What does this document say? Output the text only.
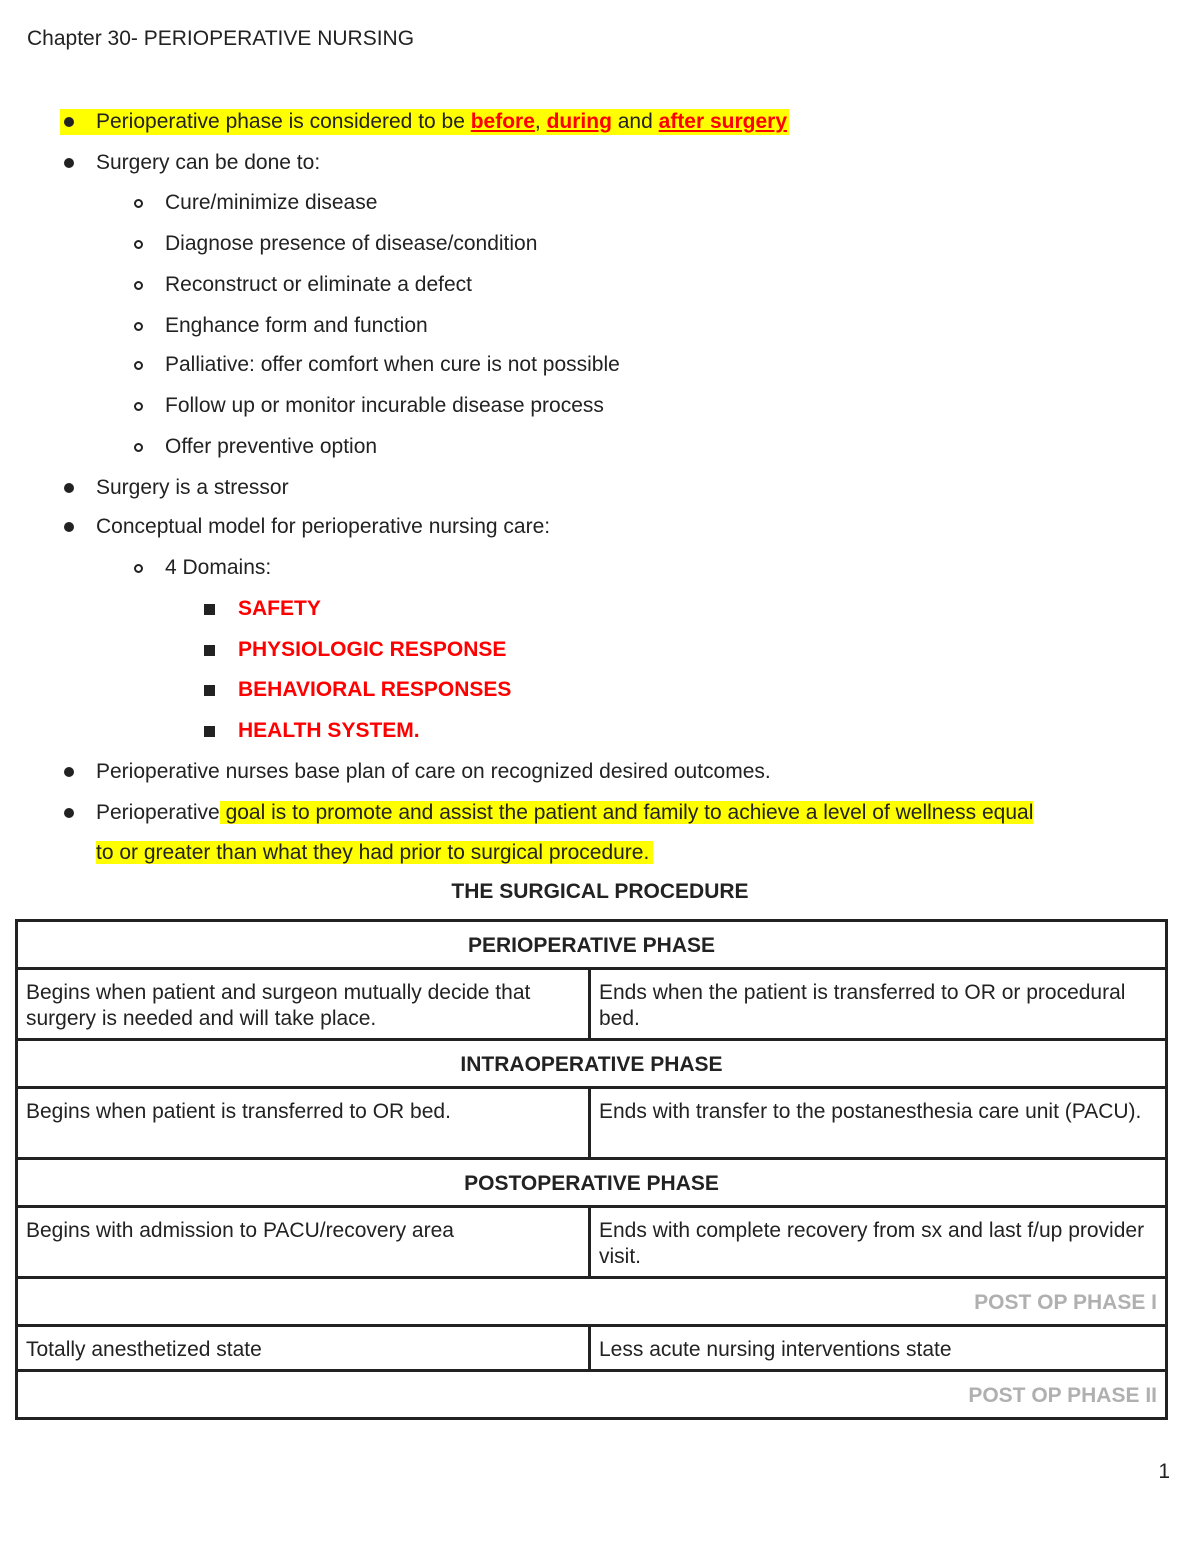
Chapter 30- PERIOPERATIVE NURSING
Perioperative phase is considered to be before, during and after surgery
Surgery can be done to:
Cure/minimize disease
Diagnose presence of disease/condition
Reconstruct or eliminate a defect
Enghance form and function
Palliative: offer comfort when cure is not possible
Follow up or monitor incurable disease process
Offer preventive option
Surgery is a stressor
Conceptual model for perioperative nursing care:
4 Domains:
SAFETY
PHYSIOLOGIC RESPONSE
BEHAVIORAL RESPONSES
HEALTH SYSTEM.
Perioperative nurses base plan of care on recognized desired outcomes.
Perioperative goal is to promote and assist the patient and family to achieve a level of wellness equal
to or greater than what they had prior to surgical procedure.
THE SURGICAL PROCEDURE
PERIOPERATIVE PHASE	
Begins when patient and surgeon mutually decide that surgery is needed and will take place.	Ends when the patient is transferred to OR or procedural bed.
INTRAOPERATIVE PHASE	
Begins when patient is transferred to OR bed.	Ends with transfer to the postanesthesia care unit (PACU).
POSTOPERATIVE PHASE	
Begins with admission to PACU/recovery area	Ends with complete recovery from sx and last f/up provider visit.
POST OP PHASE I	
Totally anesthetized state	Less acute nursing interventions state
POST OP PHASE II	
1
